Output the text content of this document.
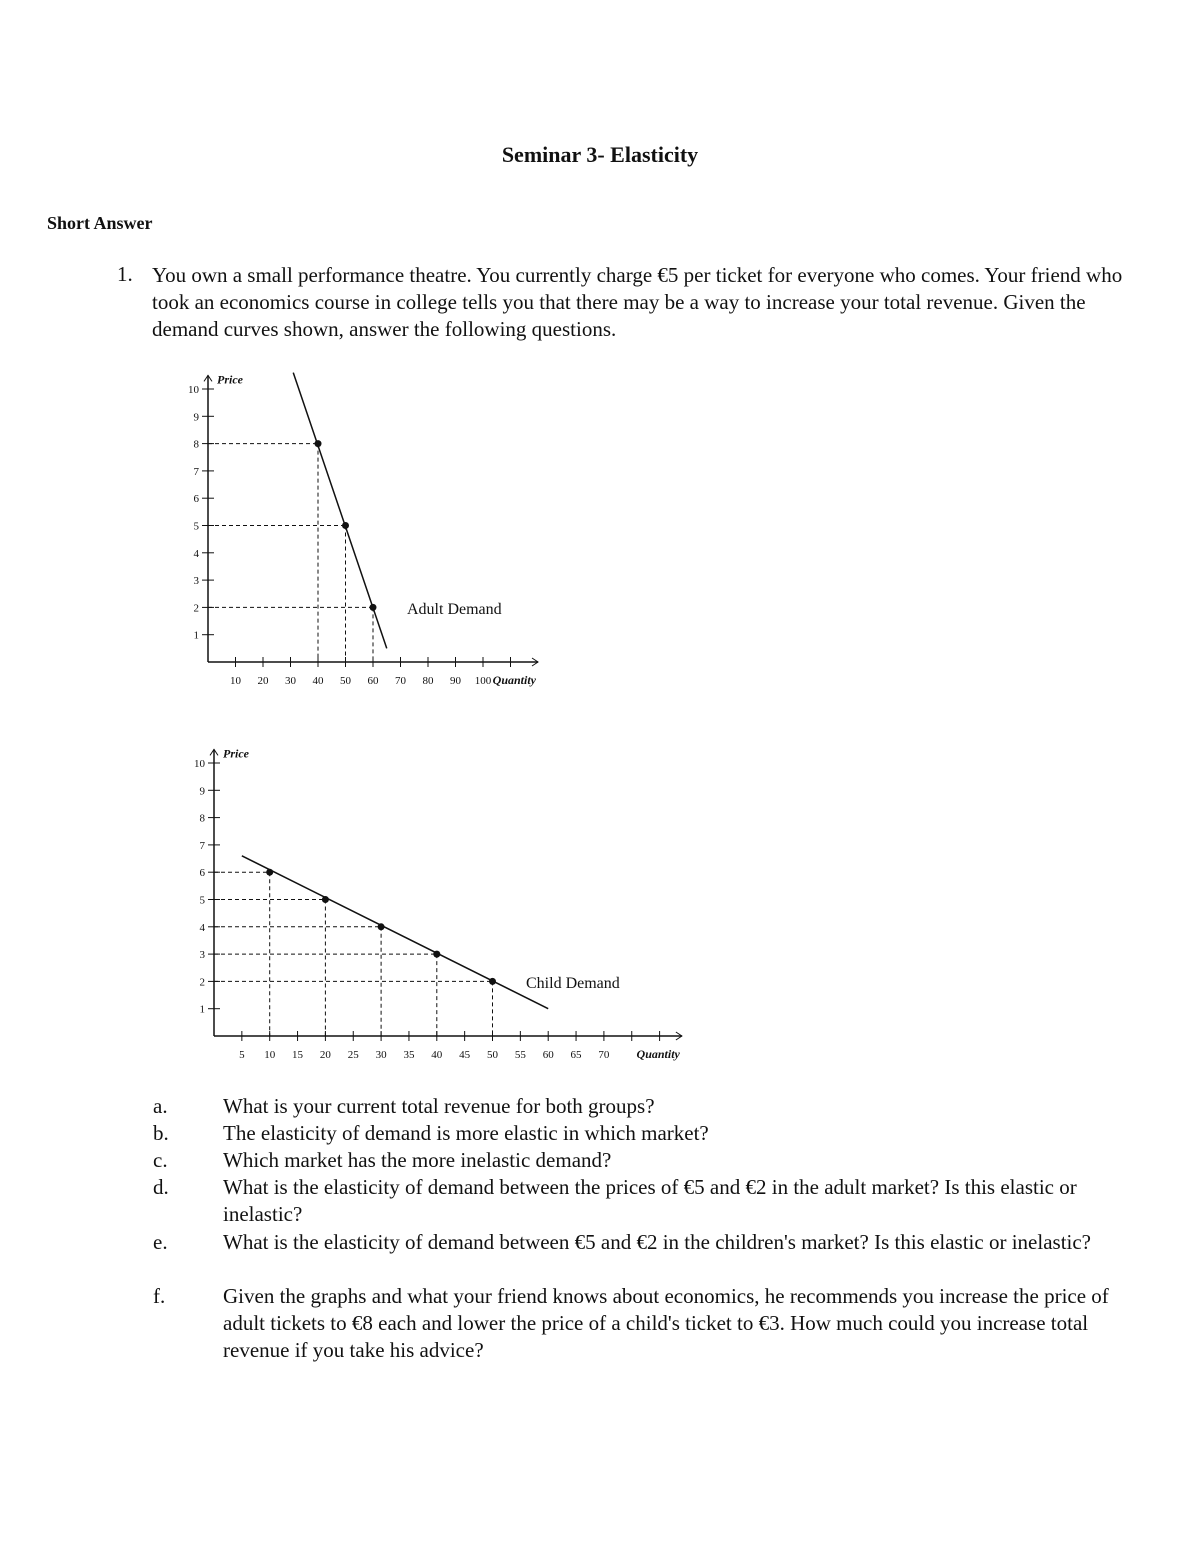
Seminar 3- Elasticity
Short Answer
1. You own a small performance theatre. You currently charge €5 per ticket for everyone who comes. Your friend who took an economics course in college tells you that there may be a way to increase your total revenue. Given the demand curves shown, answer the following questions.
1
2
3
4
5
6
7
8
9
10
10 20 30 40 50 60 70 80 90 100
Price
Quantity
Adult Demand
1
2
3
4
5
6
7
8
9
10
5 10 15 20 25 30 35 40 45 50 55 60 65 70
Price
Quantity
Child Demand
a.	What is your current total revenue for both groups?
b.	The elasticity of demand is more elastic in which market?
c.	Which market has the more inelastic demand?
d.	What is the elasticity of demand between the prices of €5 and €2 in the adult market? Is this elastic or inelastic?
e.	What is the elasticity of demand between €5 and €2 in the children's market? Is this elastic or inelastic?
f.	Given the graphs and what your friend knows about economics, he recommends you increase the price of adult tickets to €8 each and lower the price of a child's ticket to €3. How much could you increase total revenue if you take his advice?
